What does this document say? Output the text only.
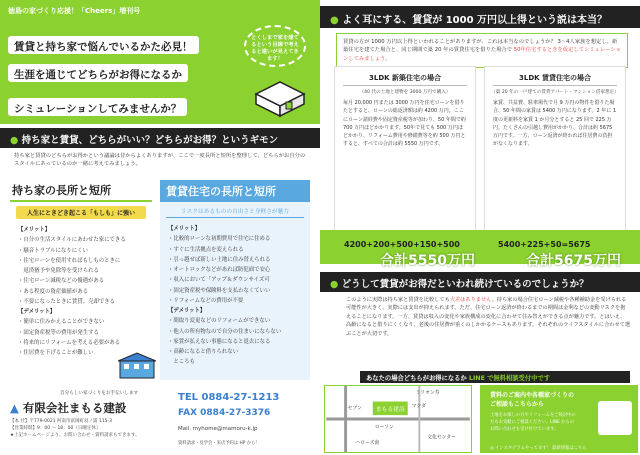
徳島の家づくり応援！「Cheers」増刊号
賃貸と持ち家で悩んでいるかた必見！
生涯を通じてどちらがお得になるか
シミュレーションしてみませんか？
とくしまで家を建てるという目線で考えると違いが見えてきます！
● 持ち家と賃貸、どちらがいい？どちらがお得？というギモン
持ち家と賃貸のどちらがお得かという議論は昔からよくありますが、ここで一度長所と短所を整理して、どちらがお自分のスタイルにあっているのか一緒に考えてみましょう。
持ち家の長所と短所
人生にときどき起こる「もしも」に強い
【メリット】
・自分の生活スタイルにあわせた家にできる
・騒音トラブルになりにくい
・住宅ローンを使用すればもしものときに
　返済猶予や免除等を受けられる
・住宅ローン減税などの優遇がある
・ある程度の資産価値がある
・不要になったときに賃貸、売却できる
【デメリット】
・簡単に住みかえることができない
・固定資産税等の費用が発生する
・将来的にリフォームを考える必要がある
・住居費を下げることが難しい
賃貸住宅の長所と短所
リスクはあるものの自由さと身軽さが魅力
【メリット】
・比較的ローンな初期費用で住宅に住める
・すぐに生活拠点を変えられる
・引っ越せば新しい土地に住み替えられる
・オートロックなどがあれば防犯面で安心
・収入において「アップ＆ダウンサイズ可
・固定資産税や保険料を支払わなくていい
・リフォームなどの費用が不要
【デメリット】
・間取り変更などのリフォームができない
・他人の所有物なので自分の住まいにならない
・家賃が払えない事態になると退去になる
・高齢になると借りられない
　ところも
自分らしい家づくりをお手伝いします
▲ 有限会社まもる建設
【本 社】〒779-0021 阿南市富岡町羽ノ浦 115-3
【営業時間】9：00 ～ 18：00（日曜定休）
★上記ホームページより、お問い合わせ・資料請求もできます。
TEL 0884-27-1213
FAX 0884-27-3376
Mail. myhome@mamoru-k.jp
資料請求・見学会・来店予約は HP から！
● よく耳にする、賃貸が 1000 万円以上得という説は本当？
賃貸の方が 1000 万円以上得といわれることがありますが、これは本当なのでしょうか？ 3～4人家族を想定し、新築住宅を建てた場合と、同じ期間で築 20 年の賃貸住宅を借りた場合で 50年住宅するときを仮定してシミュレーションしてみましょう。
3LDK 新築住宅の場合
（40 代の土地と建物を 3000 万円で購入）
毎月 20,000 円または 3000 万円を住宅ローンを借りたとすると、ローンの総返済額は約 4200 万円。ここにローン諸経費や固定資産税等が加わり、50 年間で約 700 万円ほどかかります。50年で見ても 500 万円ほどかかり、リフォーム費用や修繕費等を約 500 万円とすると、すべての合計は約 5550 万円です。
3LDK 賃貸住宅の場合
（築 20 年の一戸建ての賃貸アパート・マンション借家想定）
家賃、共益費、駐車場代で月 9 万円の物件を借りた場合、50 年間の家賃は 5400 万円になります。2 年に 1 度の更新料を家賃 1 か月分とすると 25 回で 225 万円。たくさんの引越し費用がかかり、合計は約 5675 万円です。一方、ローン返済が終われば住居費の負担がなくなります。
4200+200+500+150+500
合計5550万円
5400+225+50=5675
合計5675万円
● どうして賃貸がお得だといわれ続けているのでしょうか？
このように実際は持ち家と賃貸を比較しても大差はありません。持ち家の場合住宅ローン減税や各種補助金を受けられる可能性が大きく、実際には支出が抑えられます。ただ、住宅ローン返済が終わるまでの期間は金利などの変動リスクを抱えることになります。一方、賃貸は収入の変化や家族構成の変化に合わせて住み替えができる点が魅力です。とはいえ、高齢になると借りにくくなり、老後の住居費が重くのしかかるケースもあります。それぞれのライフスタイルに合わせて選ぶことが大切です。
あなたの場合どちらがお得になるか LINE で無料相談受付中です
まもる建設
ミリオン寿
マツダ
ローソン
ハローズ南
セブン
文化センター
賃料のご案内や各種家づくりの
ご相談もこちらから
土地をお探しの方やリフォームをご検討中の方もお気軽にご相談ください。LINE からのお問い合わせも受け付けています。
◎ インスタグラムやってます！ 最新情報はこちら
